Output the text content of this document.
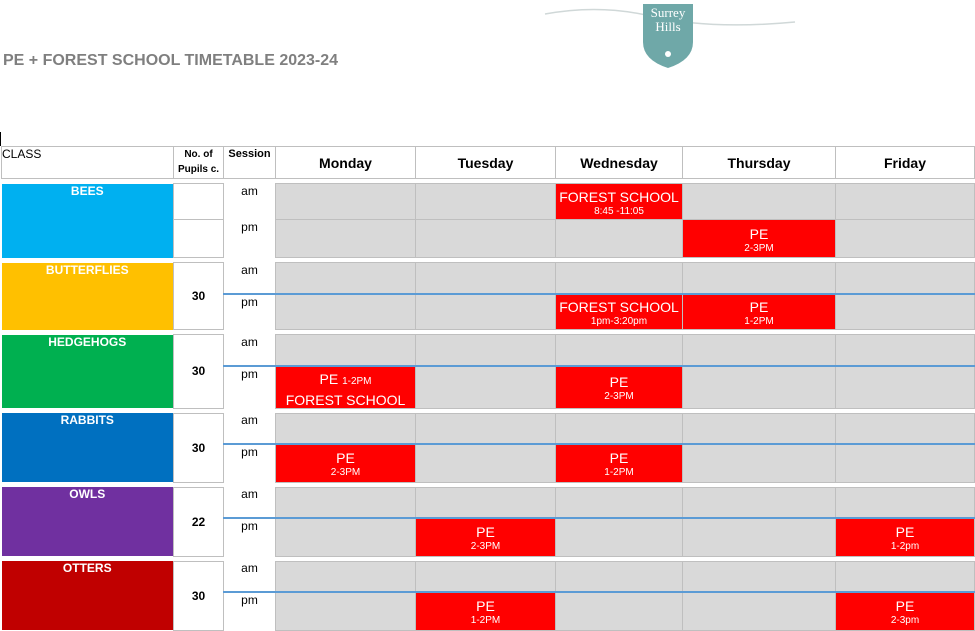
PE + FOREST SCHOOL TIMETABLE 2023-24
Surrey
Hills
CLASS	No. of
Pupils c.	Session	Monday	Tuesday	Wednesday	Thursday	Friday

BEES		am			FOREST SCHOOL
8:45 -11:05		

		pm				PE
2-3PM	

BUTTERFLIES	30	am					
		pm			FOREST SCHOOL
1pm-3:20pm	PE
1-2PM	

HEDGEHOGS	30	am					
		pm	PE 1-2PM
FOREST SCHOOL		PE
2-3PM		

RABBITS	30	am					
		pm	PE
2-3PM		PE
1-2PM		

OWLS	22	am					
		pm		PE
2-3PM			PE
1-2pm

OTTERS	30	am					
		pm		PE
1-2PM			PE
2-3pm
